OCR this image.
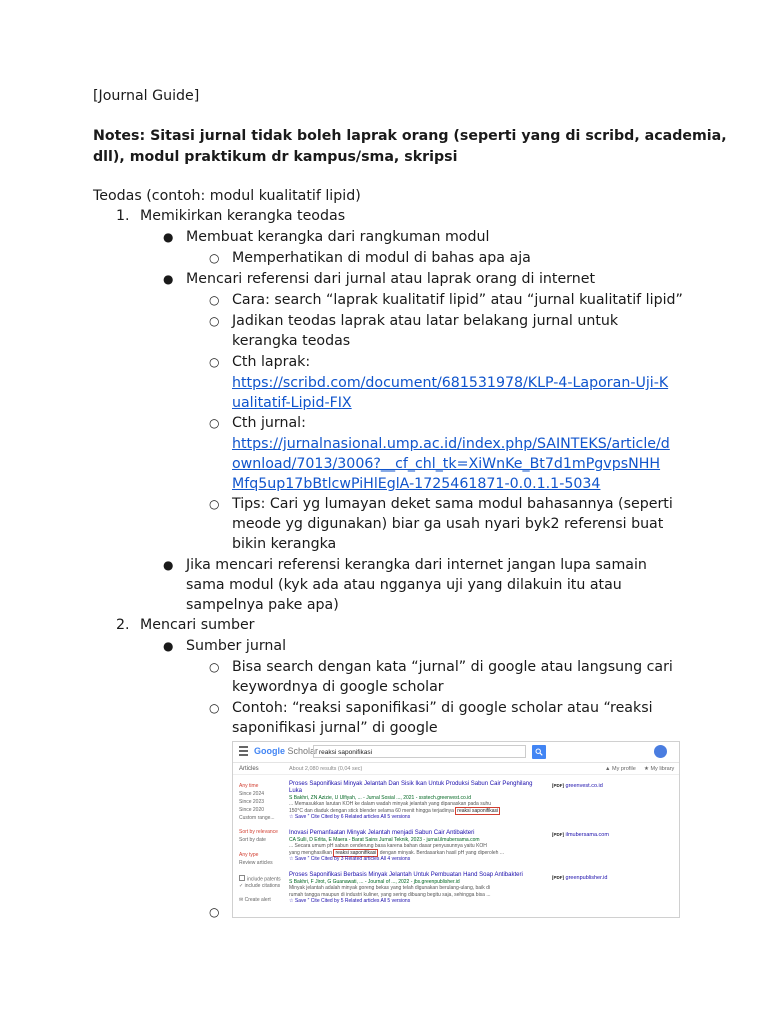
[Journal Guide]
Notes: Sitasi jurnal tidak boleh laprak orang (seperti yang di scribd, academia,
dll), modul praktikum dr kampus/sma, skripsi
Teodas (contoh: modul kualitatif lipid)
1. Memikirkan kerangka teodas
● Membuat kerangka dari rangkuman modul
○ Memperhatikan di modul di bahas apa aja
● Mencari referensi dari jurnal atau laprak orang di internet
○ Cara: search “laprak kualitatif lipid” atau “jurnal kualitatif lipid”
○ Jadikan teodas laprak atau latar belakang jurnal untuk
kerangka teodas
○ Cth laprak:
https://scribd.com/document/681531978/KLP-4-Laporan-Uji-K
ualitatif-Lipid-FIX
○ Cth jurnal:
https://jurnalnasional.ump.ac.id/index.php/SAINTEKS/article/d
ownload/7013/3006?__cf_chl_tk=XiWnKe_Bt7d1mPgvpsNHH
Mfq5up17bBtlcwPiHlEglA-1725461871-0.0.1.1-5034
○ Tips: Cari yg lumayan deket sama modul bahasannya (seperti
meode yg digunakan) biar ga usah nyari byk2 referensi buat
bikin kerangka
● Jika mencari referensi kerangka dari internet jangan lupa samain
sama modul (kyk ada atau ngganya uji yang dilakuin itu atau
sampelnya pake apa)
2. Mencari sumber
● Sumber jurnal
○ Bisa search dengan kata “jurnal” di google atau langsung cari
keywordnya di google scholar
○ Contoh: “reaksi saponifikasi” di google scholar atau “reaksi
saponifikasi jurnal” di google
Google Scholar reaksi saponifikasi
Articles	About 2,080 results (0,04 sec)	▲ My profile ★ My library
Any time
Since 2024
Since 2023
Since 2020
Custom range...
Sort by relevance
Sort by date
Any type
Review articles
include patents
✓ include citations
✉ Create alert
Proses Saponifikasi Minyak Jelantah Dan Sisik Ikan Untuk Produksi Sabun Cair Penghilang Luka
S Bakhri, ZN Azizie, U Ulfiyah, ... - Jurnal Sosial ..., 2021 - ssstech.greenvest.co.id
... Memasukkan larutan KOH ke dalam wadah minyak jelantah yang dipanaskan pada suhu
150°C dan diaduk dengan stick blender selama 60 menit hingga terjadinya reaksi saponifikasi
☆ Save ” Cite Cited by 6 Related articles All 5 versions
[PDF] greenvest.co.id
Inovasi Pemanfaatan Minyak Jelantah menjadi Sabun Cair Antibakteri
CA Sulli, D Erlita, E Maera - Barat Sains Jurnal Teknik, 2023 - jurnal.ilmubersama.com
... Secara umum pH sabun cenderung basa karena bahan dasar penyusunnya yaitu KOH
yang menghasilkan reaksi saponifikasi dengan minyak. Berdasarkan hasil pH yang diperoleh ...
☆ Save ” Cite Cited by 3 Related articles All 4 versions
[PDF] ilmubersama.com
Proses Saponifikasi Berbasis Minyak Jelantah Untuk Pembuatan Hand Soap Antibakteri
S Bakhri, F Jirot, G Guanawati, ... - Journal of ..., 2022 - jbs.greenpublisher.id
Minyak jelantah adalah minyak goreng bekas yang telah digunakan berulang-ulang, baik di
rumah tangga maupun di industri kuliner, yang sering dibuang begitu saja, sehingga bisa ...
☆ Save ” Cite Cited by 5 Related articles All 5 versions
[PDF] greenpublisher.id
○
